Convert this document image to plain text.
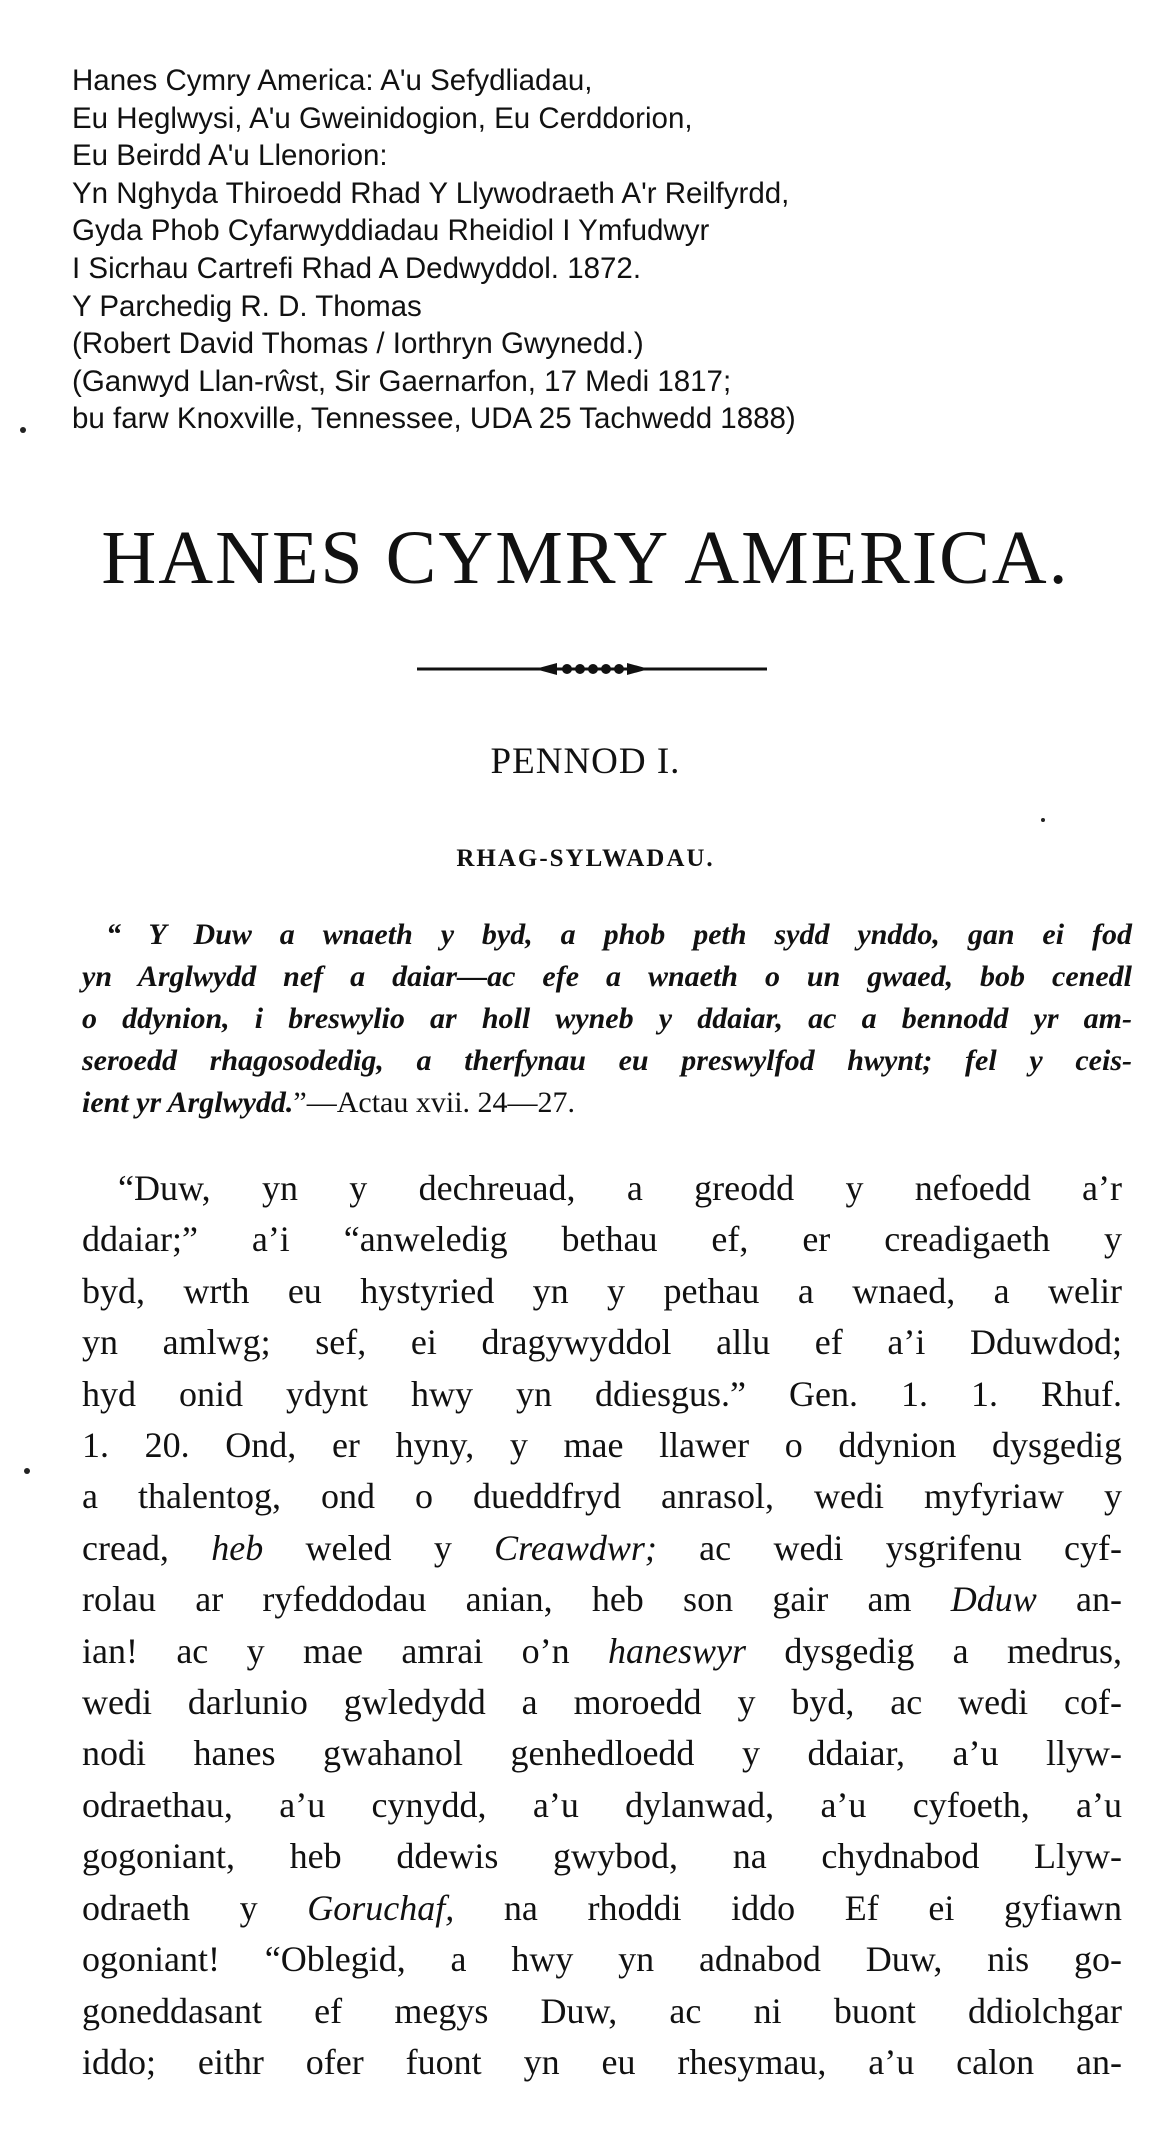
Hanes Cymry America: A'u Sefydliadau,
Eu Heglwysi, A'u Gweinidogion, Eu Cerddorion,
Eu Beirdd A'u Llenorion:
Yn Nghyda Thiroedd Rhad Y Llywodraeth A'r Reilfyrdd,
Gyda Phob Cyfarwyddiadau Rheidiol I Ymfudwyr
I Sicrhau Cartrefi Rhad A Dedwyddol. 1872.
Y Parchedig R. D. Thomas
(Robert David Thomas / Iorthryn Gwynedd.)
(Ganwyd Llan-rŵst, Sir Gaernarfon, 17 Medi 1817;
bu farw Knoxville, Tennessee, UDA 25 Tachwedd 1888)
HANES CYMRY AMERICA.
PENNOD I.
RHAG-SYLWADAU.
“ Y Duw a wnaeth y byd, a phob peth sydd ynddo, gan ei fod
yn Arglwydd nef a daiar—ac efe a wnaeth o un gwaed, bob cenedl
o ddynion, i breswylio ar holl wyneb y ddaiar, ac a bennodd yr am-
seroedd rhagosodedig, a therfynau eu preswylfod hwynt; fel y ceis-
ient yr Arglwydd.”—Actau xvii. 24—27.
“Duw, yn y dechreuad, a greodd y nefoedd a’r
ddaiar;” a’i “anweledig bethau ef, er creadigaeth y
byd, wrth eu hystyried yn y pethau a wnaed, a welir
yn amlwg; sef, ei dragywyddol allu ef a’i Dduwdod;
hyd onid ydynt hwy yn ddiesgus.” Gen. 1. 1. Rhuf.
1. 20. Ond, er hyny, y mae llawer o ddynion dysgedig
a thalentog, ond o dueddfryd anrasol, wedi myfyriaw y
cread, heb weled y Creawdwr; ac wedi ysgrifenu cyf-
rolau ar ryfeddodau anian, heb son gair am Dduw an-
ian! ac y mae amrai o’n haneswyr dysgedig a medrus,
wedi darlunio gwledydd a moroedd y byd, ac wedi cof-
nodi hanes gwahanol genhedloedd y ddaiar, a’u llyw-
odraethau, a’u cynydd, a’u dylanwad, a’u cyfoeth, a’u
gogoniant, heb ddewis gwybod, na chydnabod Llyw-
odraeth y Goruchaf, na rhoddi iddo Ef ei gyfiawn
ogoniant! “Oblegid, a hwy yn adnabod Duw, nis go-
goneddasant ef megys Duw, ac ni buont ddiolchgar
iddo; eithr ofer fuont yn eu rhesymau, a’u calon an-
